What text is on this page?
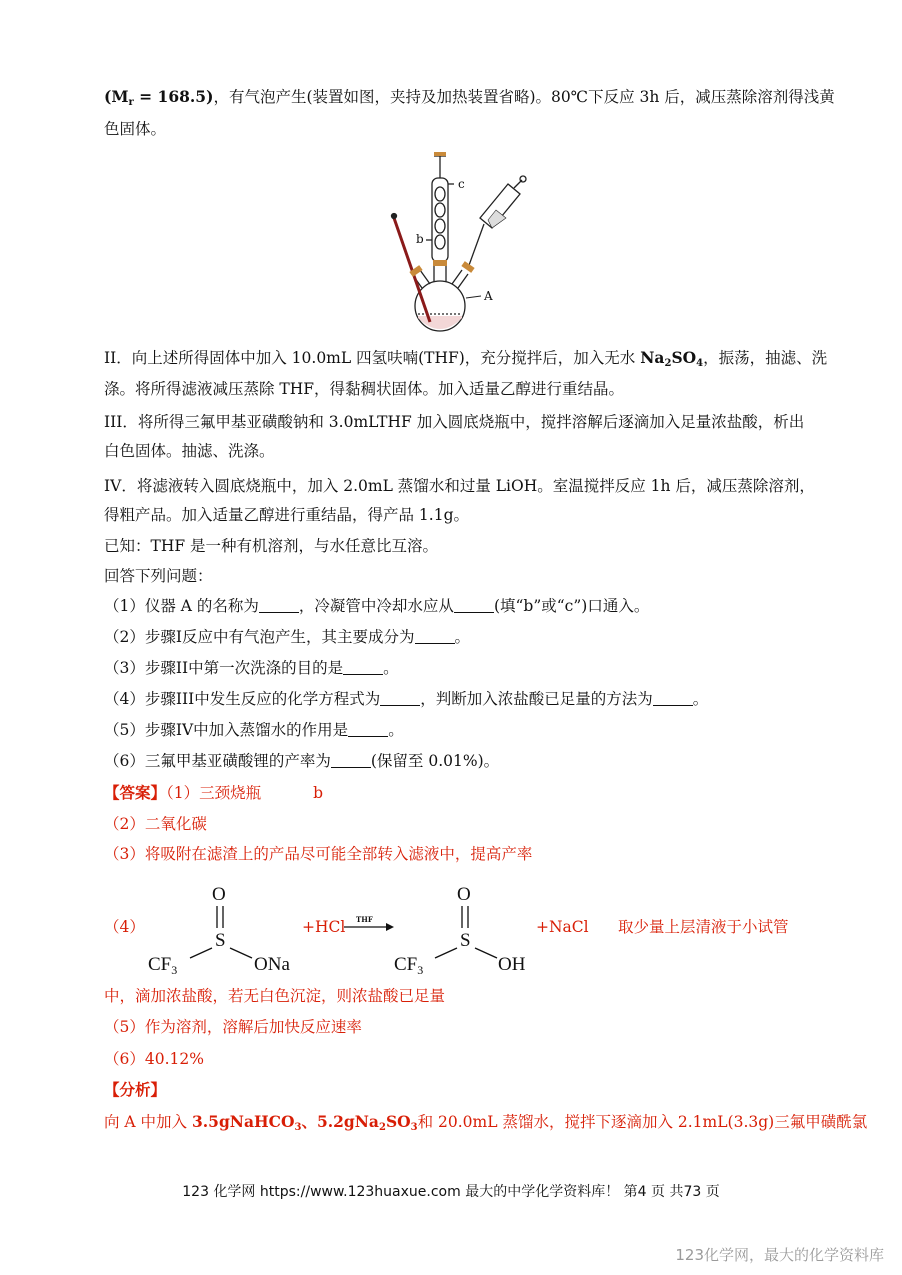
$(M_r = 168.5)$，有气泡产生(装置如图，夹持及加热装置省略)。80℃下反应 3h 后，减压蒸除溶剂得浅黄
色固体。
c
b
A
II．向上述所得固体中加入 10.0mL 四氢呋喃(THF)，充分搅拌后，加入无水 $Na_2SO_4$，振荡，抽滤、洗
涤。将所得滤液减压蒸除 THF，得黏稠状固体。加入适量乙醇进行重结晶。
III．将所得三氟甲基亚磺酸钠和 3.0mLTHF 加入圆底烧瓶中，搅拌溶解后逐滴加入足量浓盐酸，析出
白色固体。抽滤、洗涤。
IV．将滤液转入圆底烧瓶中，加入 2.0mL 蒸馏水和过量 LiOH。室温搅拌反应 1h 后，减压蒸除溶剂，
得粗产品。加入适量乙醇进行重结晶，得产品 1.1g。
已知：THF 是一种有机溶剂，与水任意比互溶。
回答下列问题：
（1）仪器 A 的名称为	，冷凝管中冷却水应从	(填“b”或“c”)口通入。
（2）步骤I反应中有气泡产生，其主要成分为	。
（3）步骤II中第一次洗涤的目的是	。
（4）步骤III中发生反应的化学方程式为	，判断加入浓盐酸已足量的方法为	。
（5）步骤IV中加入蒸馏水的作用是	。
（6）三氟甲基亚磺酸锂的产率为	(保留至 0.01%)。
【答案】（1）三颈烧瓶	b
（2）二氧化碳
（3）将吸附在滤渣上的产品尽可能全部转入滤液中，提高产率
（4）
O
S
$CF_3$	ONa
+HCl THF
O
S
$CF_3$	OH
+NaCl 取少量上层清液于小试管
中，滴加浓盐酸，若无白色沉淀，则浓盐酸已足量
（5）作为溶剂，溶解后加快反应速率
（6）40.12%
【分析】
向 A 中加入 3.5gNaHCO$_3$、$5.2gNa_2SO_3$和 20.0mL 蒸馏水，搅拌下逐滴加入 2.1mL(3.3g)三氟甲磺酰氯
123 化学网 https://www.123huaxue.com 最大的中学化学资料库！ 第4 页 共73 页
123化学网，最大的化学资料库
